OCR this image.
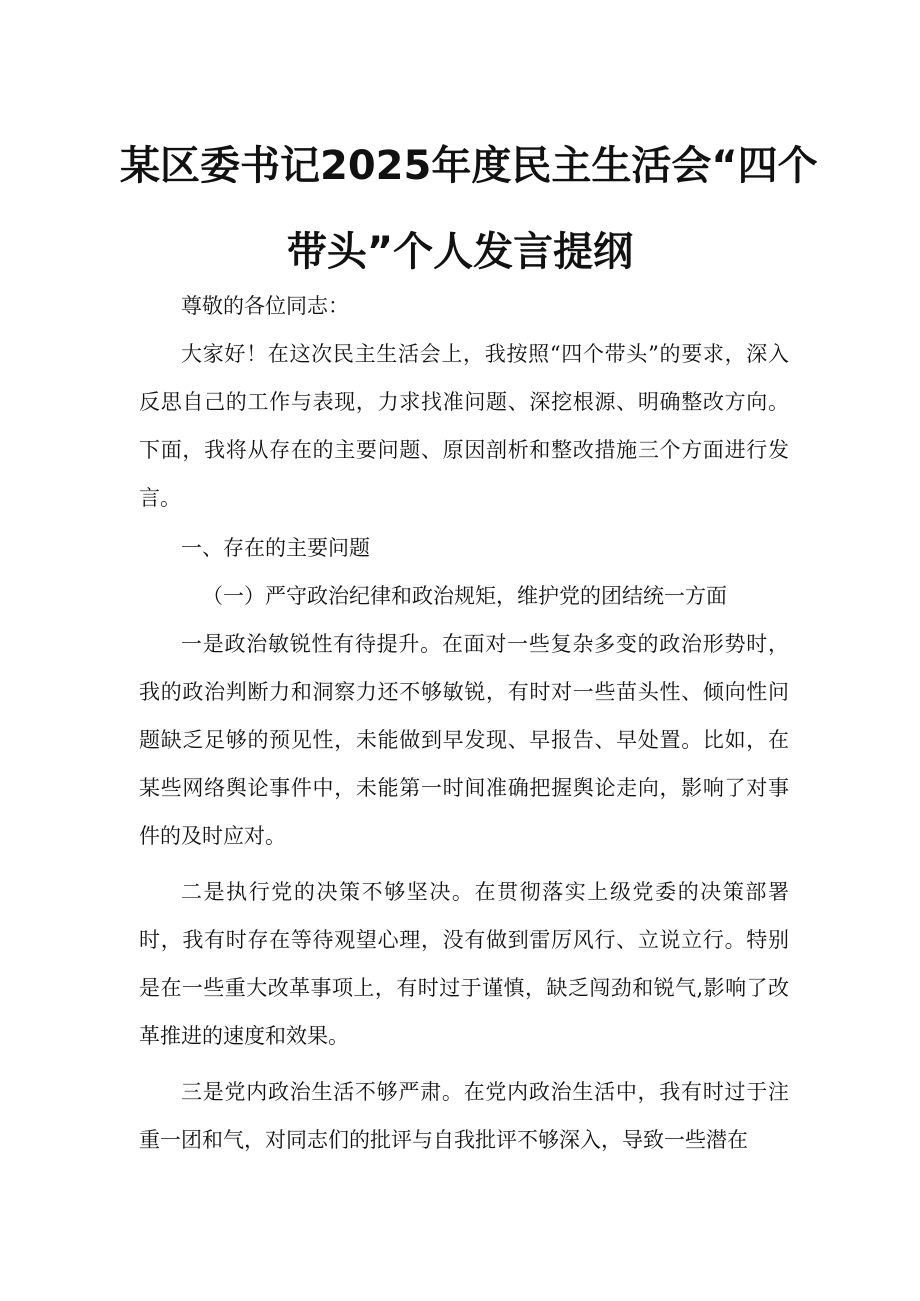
某区委书记2025年度民主生活会“四个
带头”个人发言提纲

尊敬的各位同志：

大家好！在这次民主生活会上，我按照“四个带头”的要求，深入反思自己的工作与表现，力求找准问题、深挖根源、明确整改方向。下面，我将从存在的主要问题、原因剖析和整改措施三个方面进行发言。

一、存在的主要问题

（一）严守政治纪律和政治规矩，维护党的团结统一方面

一是政治敏锐性有待提升。在面对一些复杂多变的政治形势时，我的政治判断力和洞察力还不够敏锐，有时对一些苗头性、倾向性问题缺乏足够的预见性，未能做到早发现、早报告、早处置。比如，在某些网络舆论事件中，未能第一时间准确把握舆论走向，影响了对事件的及时应对。

二是执行党的决策不够坚决。在贯彻落实上级党委的决策部署时，我有时存在等待观望心理，没有做到雷厉风行、立说立行。特别是在一些重大改革事项上，有时过于谨慎，缺乏闯劲和锐气,影响了改革推进的速度和效果。

三是党内政治生活不够严肃。在党内政治生活中，我有时过于注重一团和气，对同志们的批评与自我批评不够深入，导致一些潜在
